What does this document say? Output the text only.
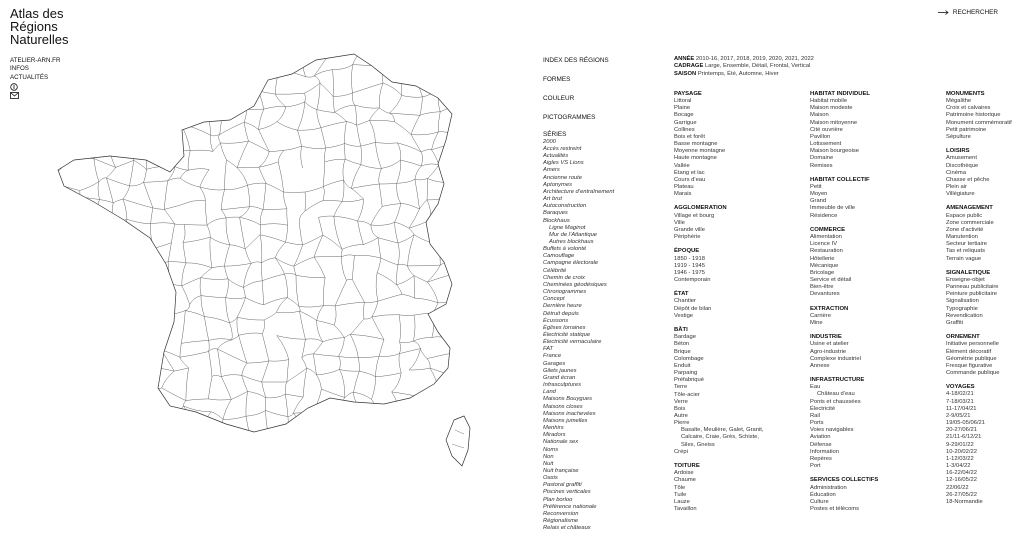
Atlas des
Régions
Naturelles
ATELIER-ARN.FR
INFOS
ACTUALITÉS
RECHERCHER
INDEX DES RÉGIONS
FORMES
COULEUR
PICTOGRAMMES
SÉRIES
2000
Accès restreint
Actualités
Aigles VS Lions
Amers
Ancienne route
Aptonymes
Architecture d’entraînement
Art brut
Autoconstruction
Baraques
Blockhaus
Ligne Maginot
Mur de l’Atlantique
Autres blockhaus
Buffets à volonté
Camouflage
Campagne électorale
Célébrité
Chemin de croix
Cheminées géodésiques
Chronogrammes
Concept
Dernière heure
Détruit depuis
Écussons
Églises lorraines
Électricité statique
Électricité vernaculaire
FAT
France
Garages
Gilets jaunes
Grand écran
Infrasculptures
Land
Maisons Bouygues
Maisons closes
Maisons inachevées
Maisons jumelles
Menhirs
Miradors
Nationale sex
Noms
Non
Nuit
Nuit française
Oasis
Pastoral graffiti
Piscines verticales
Plan borloo
Préférence nationale
Reconversion
Régionalisme
Relais et châteaux
ANNÉE 2010-16, 2017, 2018, 2019, 2020, 2021, 2022
CADRAGE Large, Ensemble, Détail, Frontal, Vertical
SAISON Printemps, Été, Automne, Hiver
PAYSAGE
Littoral
Plaine
Bocage
Garrigue
Collines
Bois et forêt
Basse montagne
Moyenne montagne
Haute montagne
Vallée
Étang et lac
Cours d’eau
Plateau
Marais
AGGLOMERATION
Village et bourg
Ville
Grande ville
Périphérie
ÉPOQUE
1850 - 1918
1919 - 1945
1946 - 1975
Contemporain
ÉTAT
Chantier
Dépôt de bilan
Vestige
BÂTI
Bardage
Béton
Brique
Colombage
Enduit
Parpaing
Préfabriqué
Terre
Tôle-acier
Verre
Bois
Autre
Pierre
Basalte, Meulière, Galet, Granit,
Calcaire, Craie, Grès, Schiste,
Silex, Gneiss
Crépi
TOITURE
Ardoise
Chaume
Tôle
Tuile
Lauze
Tavaillon
HABITAT INDIVIDUEL
Habitat mobile
Maison modeste
Maison
Maison mitoyenne
Cité ouvrière
Pavillon
Lotissement
Maison bourgeoise
Domaine
Remises
HABITAT COLLECTIF
Petit
Moyen
Grand
Immeuble de ville
Résidence
COMMERCE
Alimentation
Licence IV
Restauration
Hôtellerie
Mécanique
Bricolage
Service et détail
Bien-être
Devantures
EXTRACTION
Carrière
Mine
INDUSTRIE
Usine et atelier
Agro-industrie
Complexe industriel
Annexe
INFRASTRUCTURE
Eau
Château d’eau
Ponts et chaussées
Électricité
Rail
Ports
Voies navigables
Aviation
Défense
Information
Repères
Port
SERVICES COLLECTIFS
Administration
Éducation
Culture
Postes et télécoms
MONUMENTS
Mégalithe
Croix et calvaires
Patrimoine historique
Monument commémoratif
Petit patrimoine
Sépulture
LOISIRS
Amusement
Discothèque
Cinéma
Chasse et pêche
Plein air
Villégiature
AMENAGEMENT
Espace public
Zone commerciale
Zone d’activité
Manutention
Secteur tertiaire
Tas et reliquats
Terrain vague
SIGNALETIQUE
Enseigne-objet
Panneau publicitaire
Peinture publicitaire
Signalisation
Typographie
Revendication
Graffiti
ORNEMENT
Initiative personnelle
Élément décoratif
Géométrie publique
Fresque figurative
Commande publique
VOYAGES
4-18/02/21
7-18/03/21
11-17/04/21
2-9/05/21
19/05-05/06/21
20-27/06/21
21/11-6/12/21
9-29/01/22
10-20/02/22
1-12/03/22
1-3/04/22
16-22/04/22
12-16/05/22
22/06/22
26-27/05/22
18-Normandie
